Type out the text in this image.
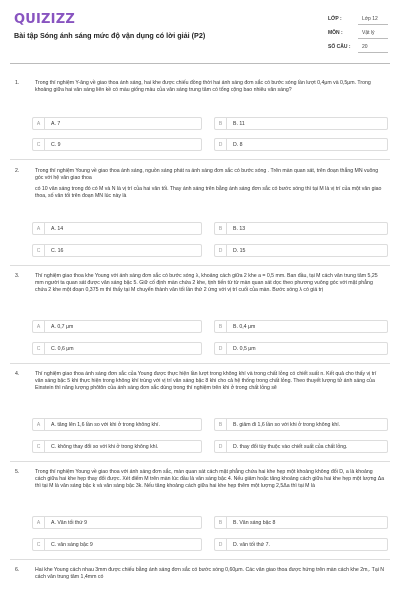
QUIZIZZ
Bài tập Sóng ánh sáng mức độ vận dụng có lời giải (P2)
LỚP :	Lớp 12
MÔN :	Vật lý
SỐ CÂU : 20
1.	Trong thí nghiệm Y-âng về giao thoa ánh sáng, hai khe được chiếu đồng thời hai ánh sáng đơn sắc có bước sóng lần lượt 0,4μm và 0,5μm. Trong khoảng giữa hai vân sáng liên kề có màu giống màu của vân sáng trung tâm có tổng cộng bao nhiêu vân sáng?

A	A. 7	B	B. 11
C	C. 9	D	D. 8
2.	Trong thí nghiệm Young về giao thoa ánh sáng, nguồn sáng phát ra ánh sáng đơn sắc có bước sóng . Trên màn quan sát, trên đoạn thẳng MN vuông góc với hệ vân giao thoa

có 10 vân sáng trong đó có M và N là vị trí của hai vân tối. Thay ánh sáng trên bằng ánh sáng đơn sắc có bước sóng thì tại M là vị trí của một vân giao thoa, số vân tối trên đoạn MN lúc này là

A	A. 14	B	B. 13
C	C. 16	D	D. 15
3.	Thí nghiệm giao thoa khe Young với ánh sáng đơn sắc có bước sóng λ, khoảng cách giữa 2 khe a = 0,5 mm. Ban đầu, tại M cách vân trung tâm 5,25 mm người ta quan sát được vân sáng bậc 5. Giữ cố định màn chứa 2 khe, tịnh tiến từ từ màn quan sát dọc theo phương vuông góc với mặt phẳng chứa 2 khe một đoạn 0,375 m thì thấy tại M chuyển thành vân tối lần thứ 2 ứng với vị trí cuối của màn. Bước sóng λ có giá trị

A	A. 0,7 μm	B	B. 0,4 μm
C	C. 0,6 μm	D	D. 0,5 μm
4.	Thí nghiệm giao thoa ánh sáng đơn sắc của Young được thực hiện lần lượt trong không khí và trong chất lỏng có chiết suất n. Kết quả cho thấy vị trí vân sáng bậc 5 khi thực hiện trong không khí trùng với vị trí vân sáng bậc 8 khi cho cả hệ thống trong chất lỏng. Theo thuyết lượng tử ánh sáng của Einstein thì năng lượng phôtôn của ánh sáng đơn sắc dùng trong thí nghiệm trên khi ở trong chất lỏng sẽ

A	A. tăng lên 1,6 lần so với khi ở trong không khí.	B	B. giảm đi 1,6 lần so với khi ở trong không khí.
C	C. không thay đổi so với khi ở trong không khí.	D	D. thay đổi tùy thuộc vào chiết suất của chất lỏng.
5.	Trong thí nghiệm Young về giao thoa với ánh sáng đơn sắc, màn quan sát cách mặt phẳng chứa hai khe hẹp một khoảng không đổi D, a là khoảng cách giữa hai khe hẹp thay đổi được. Xét điểm M trên màn lúc đầu là vân sáng bậc 4. Nếu giảm hoặc tăng khoảng cách giữa hai khe hẹp một lượng Δa thì tại M là vân sáng bậc k và vân sáng bậc 3k. Nếu tăng khoảng cách giữa hai khe hẹp thêm một lượng 2,5Δa thì tại M là

A	A. Vân tối thứ 9	B	B. Vân sáng bậc 8
C	C. vân sáng bậc 9	D	D. vân tối thứ 7.
6.	Hai khe Young cách nhau 3mm được chiếu bằng ánh sáng đơn sắc có bước sóng 0,60μm. Các vân giao thoa được hứng trên màn cách khe 2m,. Tại N cách vân trung tâm 1,4mm có
